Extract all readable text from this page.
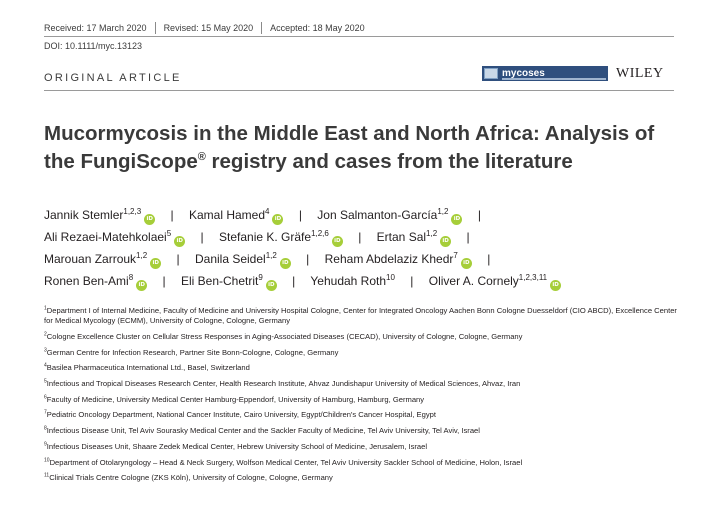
Received: 17 March 2020 Revised: 15 May 2020 Accepted: 18 May 2020
DOI: 10.1111/myc.13123
ORIGINAL ARTICLE	mycoses	WILEY
Mucormycosis in the Middle East and North Africa: Analysis of the FungiScope® registry and cases from the literature
Jannik Stemler$^{1,2,3}$iD | Kamal Hamed$^4$iD | Jon Salmanton-García$^{1,2}$iD |
Ali Rezaei-Matehkolaei$^5$iD | Stefanie K. Gräfe$^{1,2,6}$iD | Ertan Sal$^{1,2}$iD |
Marouan Zarrouk$^{1,2}$iD | Danila Seidel$^{1,2}$iD | Reham Abdelaziz Khedr$^7$iD |
Ronen Ben-Ami$^8$iD | Eli Ben-Chetrit$^9$iD | Yehudah Roth$^{10}$ | Oliver A. Cornely$^{1,2,3,11}$iD
$^1$Department I of Internal Medicine, Faculty of Medicine and University Hospital Cologne, Center for Integrated Oncology Aachen Bonn Cologne Duesseldorf (CIO ABCD), Excellence Center for Medical Mycology (ECMM), University of Cologne, Cologne, Germany
$^2$Cologne Excellence Cluster on Cellular Stress Responses in Aging-Associated Diseases (CECAD), University of Cologne, Cologne, Germany
$^3$German Centre for Infection Research, Partner Site Bonn-Cologne, Cologne, Germany
$^4$Basilea Pharmaceutica International Ltd., Basel, Switzerland
$^5$Infectious and Tropical Diseases Research Center, Health Research Institute, Ahvaz Jundishapur University of Medical Sciences, Ahvaz, Iran
$^6$Faculty of Medicine, University Medical Center Hamburg-Eppendorf, University of Hamburg, Hamburg, Germany
$^7$Pediatric Oncology Department, National Cancer Institute, Cairo University, Egypt/Children's Cancer Hospital, Egypt
$^8$Infectious Disease Unit, Tel Aviv Sourasky Medical Center and the Sackler Faculty of Medicine, Tel Aviv University, Tel Aviv, Israel
$^9$Infectious Diseases Unit, Shaare Zedek Medical Center, Hebrew University School of Medicine, Jerusalem, Israel
$^{10}$Department of Otolaryngology – Head & Neck Surgery, Wolfson Medical Center, Tel Aviv University Sackler School of Medicine, Holon, Israel
$^{11}$Clinical Trials Centre Cologne (ZKS Köln), University of Cologne, Cologne, Germany
